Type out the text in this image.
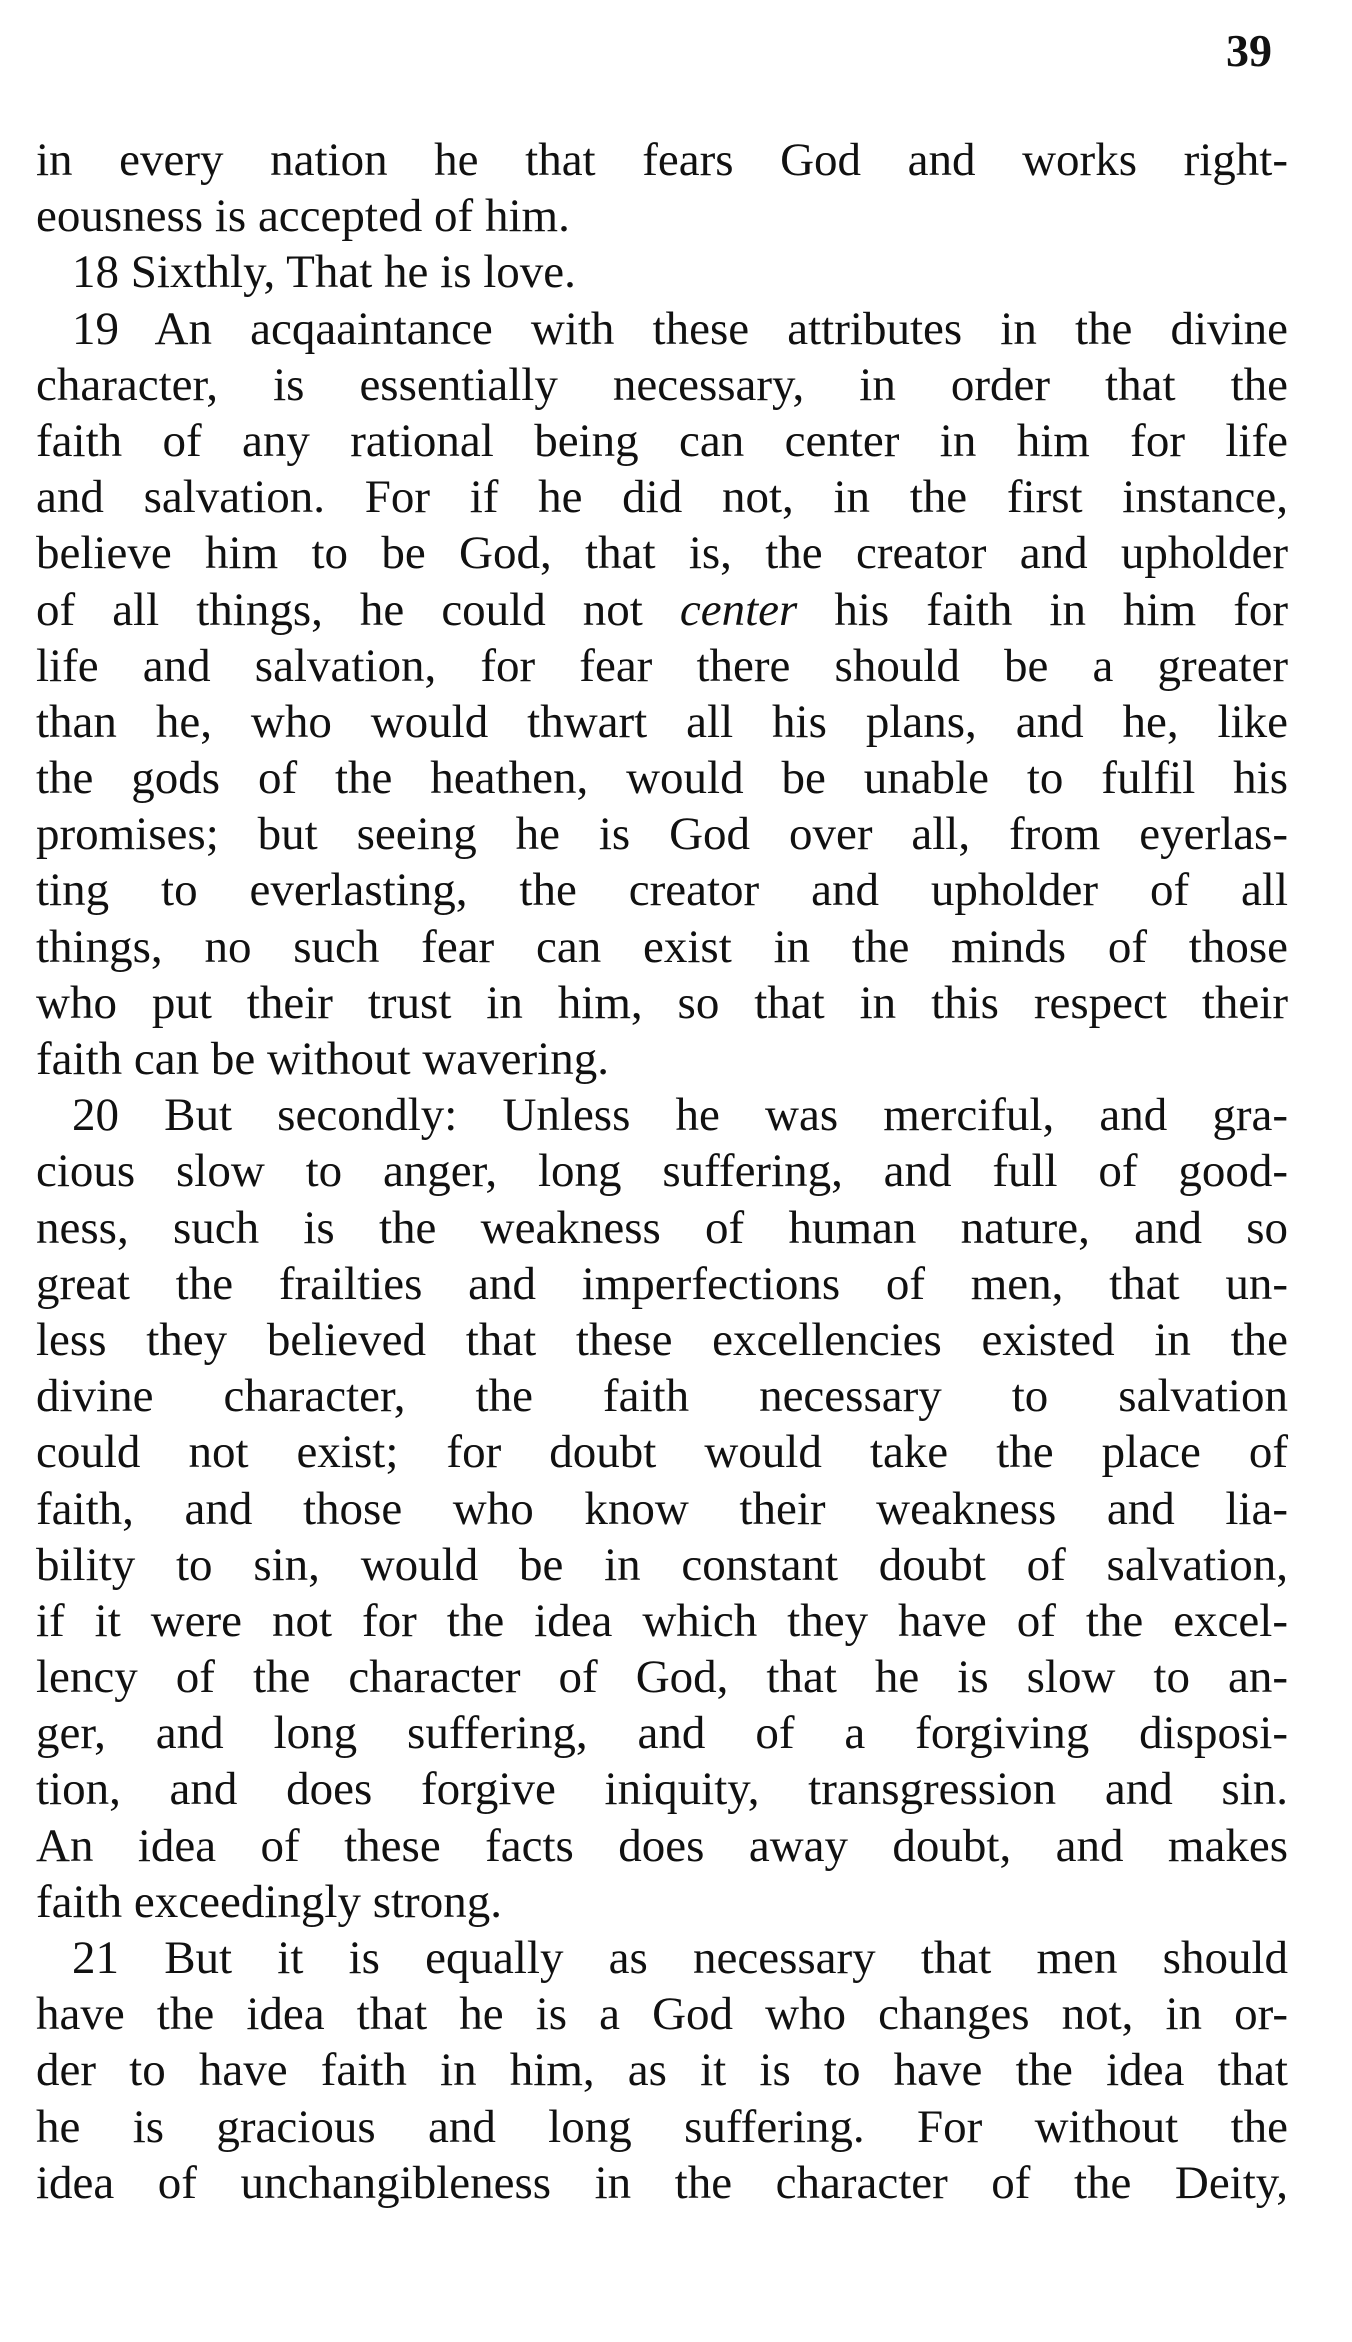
39
in every nation he that fears God and works right-
eousness is accepted of him.
18 Sixthly, That he is love.
19 An acqaaintance with these attributes in the divine
character, is essentially necessary, in order that the
faith of any rational being can center in him for life
and salvation. For if he did not, in the first instance,
believe him to be God, that is, the creator and upholder
of all things, he could not center his faith in him for
life and salvation, for fear there should be a greater
than he, who would thwart all his plans, and he, like
the gods of the heathen, would be unable to fulfil his
promises; but seeing he is God over all, from eyerlas-
ting to everlasting, the creator and upholder of all
things, no such fear can exist in the minds of those
who put their trust in him, so that in this respect their
faith can be without wavering.
20 But secondly: Unless he was merciful, and gra-
cious slow to anger, long suffering, and full of good-
ness, such is the weakness of human nature, and so
great the frailties and imperfections of men, that un-
less they believed that these excellencies existed in the
divine character, the faith necessary to salvation
could not exist; for doubt would take the place of
faith, and those who know their weakness and lia-
bility to sin, would be in constant doubt of salvation,
if it were not for the idea which they have of the excel-
lency of the character of God, that he is slow to an-
ger, and long suffering, and of a forgiving disposi-
tion, and does forgive iniquity, transgression and sin.
An idea of these facts does away doubt, and makes
faith exceedingly strong.
21 But it is equally as necessary that men should
have the idea that he is a God who changes not, in or-
der to have faith in him, as it is to have the idea that
he is gracious and long suffering. For without the
idea of unchangibleness in the character of the Deity,
